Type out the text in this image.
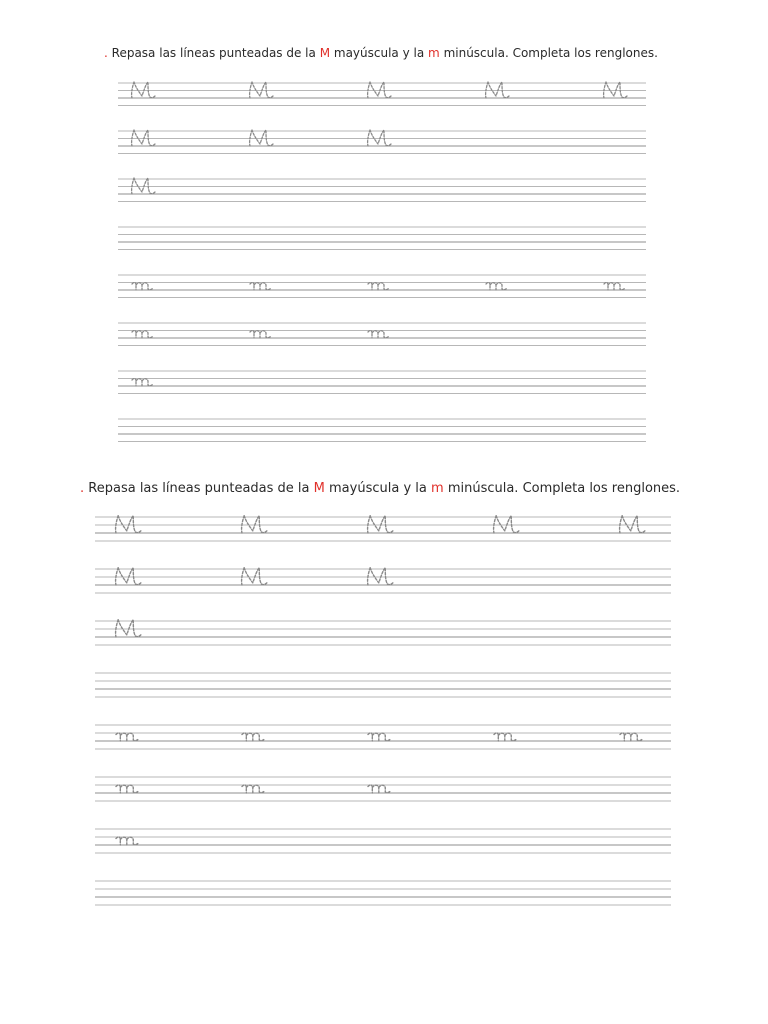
. Repasa las líneas punteadas de la M mayúscula y la m minúscula. Completa los renglones.
. Repasa las líneas punteadas de la M mayúscula y la m minúscula. Completa los renglones.
